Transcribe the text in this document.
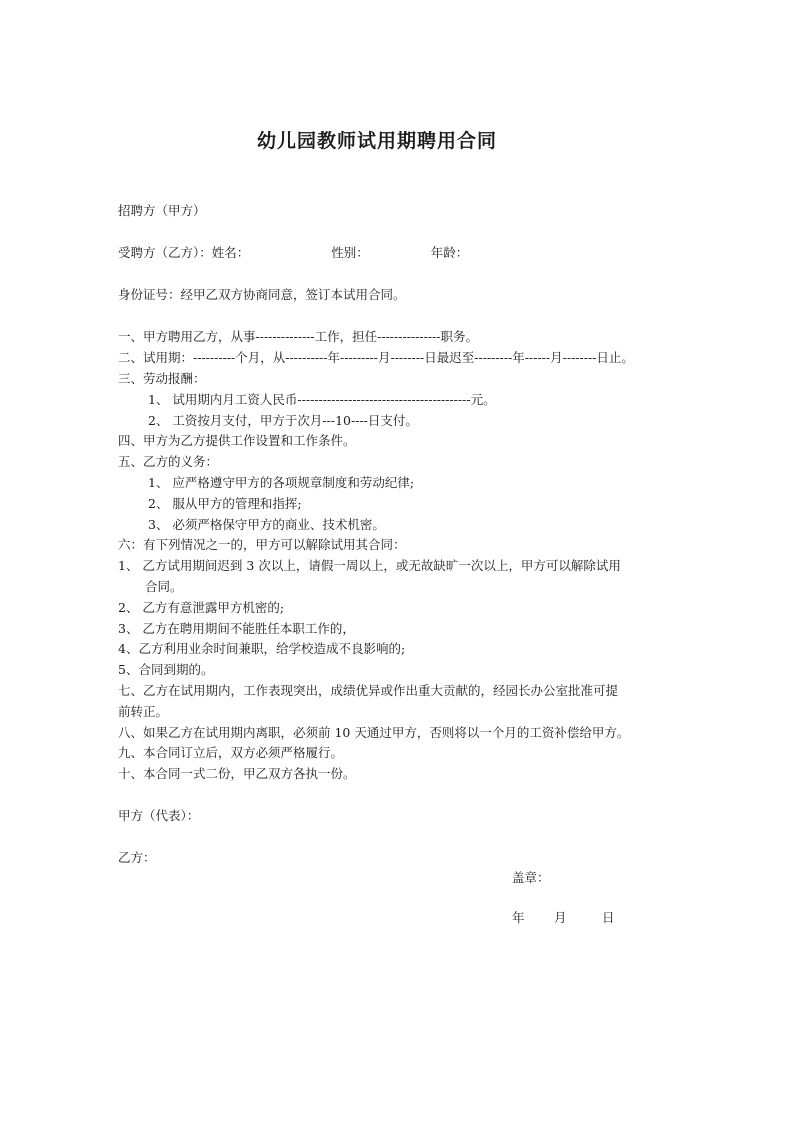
幼儿园教师试用期聘用合同
招聘方（甲方）
受聘方（乙方）：姓名：	性别：	年龄：
身份证号：经甲乙双方协商同意，签订本试用合同。
一、甲方聘用乙方，从事--------------工作，担任---------------职务。
二、试用期：----------个月，从----------年---------月--------日最迟至---------年------月--------日止。
三、劳动报酬：
1、 试用期内月工资人民币-----------------------------------------元。
2、 工资按月支付，甲方于次月---10----日支付。
四、甲方为乙方提供工作设置和工作条件。
五、乙方的义务：
1、 应严格遵守甲方的各项规章制度和劳动纪律;
2、 服从甲方的管理和指挥;
3、 必须严格保守甲方的商业、技术机密。
六：有下列情况之一的，甲方可以解除试用其合同：
1、 乙方试用期间迟到 3 次以上，请假一周以上，或无故缺旷一次以上，甲方可以解除试用
合同。
2、 乙方有意泄露甲方机密的;
3、 乙方在聘用期间不能胜任本职工作的，
4、乙方利用业余时间兼职，给学校造成不良影响的;
5、合同到期的。
七、乙方在试用期内，工作表现突出，成绩优异或作出重大贡献的，经园长办公室批准可提
前转正。
八、如果乙方在试用期内离职，必须前 10 天通过甲方，否则将以一个月的工资补偿给甲方。
九、本合同订立后，双方必须严格履行。
十、本合同一式二份，甲乙双方各执一份。
甲方（代表）：
乙方：
盖章：
年 月	日
